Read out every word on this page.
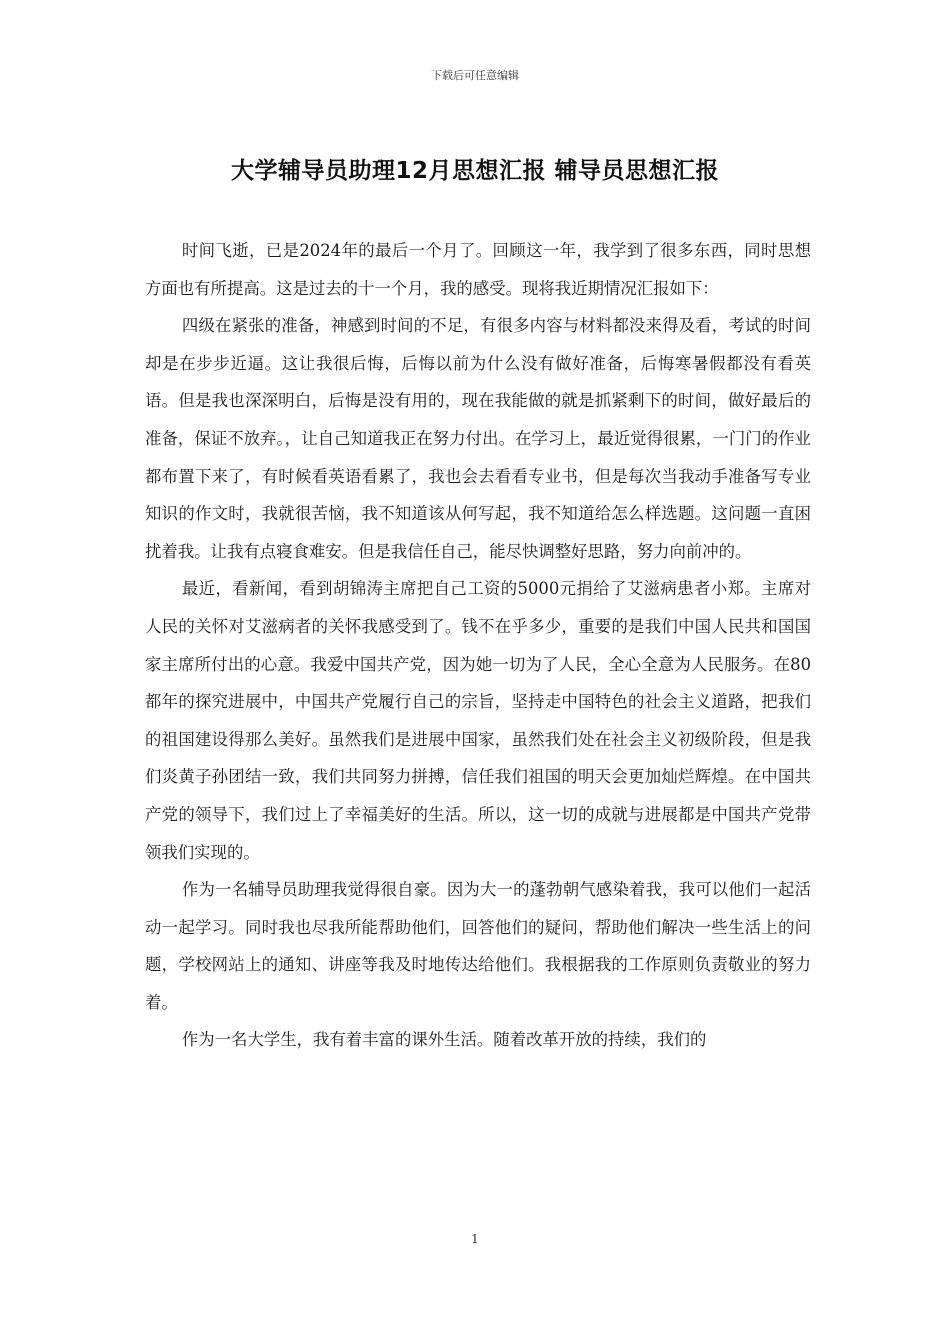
下载后可任意编辑
大学辅导员助理12月思想汇报 辅导员思想汇报

时间飞逝，已是2024年的最后一个月了。回顾这一年，我学到了很多东西，同时思想方面也有所提高。这是过去的十一个月，我的感受。现将我近期情况汇报如下：

四级在紧张的准备，神感到时间的不足，有很多内容与材料都没来得及看，考试的时间却是在步步近逼。这让我很后悔，后悔以前为什么没有做好准备，后悔寒暑假都没有看英语。但是我也深深明白，后悔是没有用的，现在我能做的就是抓紧剩下的时间，做好最后的准备，保证不放弃。，让自己知道我正在努力付出。在学习上，最近觉得很累，一门门的作业都布置下来了，有时候看英语看累了，我也会去看看专业书，但是每次当我动手准备写专业知识的作文时，我就很苦恼，我不知道该从何写起，我不知道给怎么样选题。这问题一直困扰着我。让我有点寝食难安。但是我信任自己，能尽快调整好思路，努力向前冲的。

最近，看新闻，看到胡锦涛主席把自己工资的5000元捐给了艾滋病患者小郑。主席对人民的关怀对艾滋病者的关怀我感受到了。钱不在乎多少，重要的是我们中国人民共和国国家主席所付出的心意。我爱中国共产党，因为她一切为了人民，全心全意为人民服务。在80都年的探究进展中，中国共产党履行自己的宗旨，坚持走中国特色的社会主义道路，把我们的祖国建设得那么美好。虽然我们是进展中国家，虽然我们处在社会主义初级阶段，但是我们炎黄子孙团结一致，我们共同努力拼搏，信任我们祖国的明天会更加灿烂辉煌。在中国共产党的领导下，我们过上了幸福美好的生活。所以，这一切的成就与进展都是中国共产党带领我们实现的。

作为一名辅导员助理我觉得很自豪。因为大一的蓬勃朝气感染着我，我可以他们一起活动一起学习。同时我也尽我所能帮助他们，回答他们的疑问，帮助他们解决一些生活上的问题，学校网站上的通知、讲座等我及时地传达给他们。我根据我的工作原则负责敬业的努力着。

作为一名大学生，我有着丰富的课外生活。随着改革开放的持续，我们的

1
